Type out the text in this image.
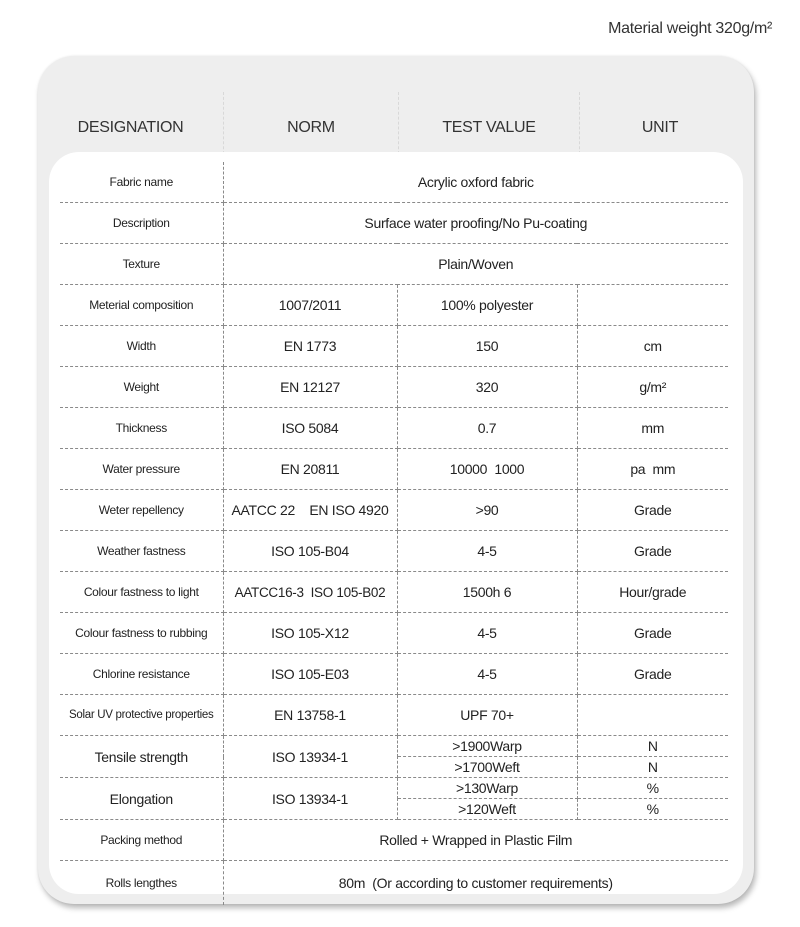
Material weight 320g/m²
DESIGNATION	NORM	TEST VALUE	UNIT
Fabric name	Acrylic oxford fabric		
Description	Surface water proofing/No Pu-coating		
Texture	Plain/Woven		
Meterial composition	1007/2011	100% polyester	
Width	EN 1773	150	cm
Weight	EN 12127	320	g/m²
Thickness	ISO 5084	0.7	mm
Water pressure	EN 20811	10000  1000	pa  mm
Weter repellency	AATCC 22    EN ISO 4920	>90	Grade
Weather fastness	ISO 105-B04	4-5	Grade
Colour fastness to light	AATCC16-3  ISO 105-B02	1500h 6	Hour/grade
Colour fastness to rubbing	ISO 105-X12	4-5	Grade
Chlorine resistance	ISO 105-E03	4-5	Grade
Solar UV protective properties	EN 13758-1	UPF 70+	
Tensile strength	ISO 13934-1	>1900Warp	N
		>1700Weft	N
Elongation	ISO 13934-1	>130Warp	%
		>120Weft	%
Packing method	Rolled + Wrapped in Plastic Film		
Rolls lengthes	80m  (Or according to customer requirements)		
